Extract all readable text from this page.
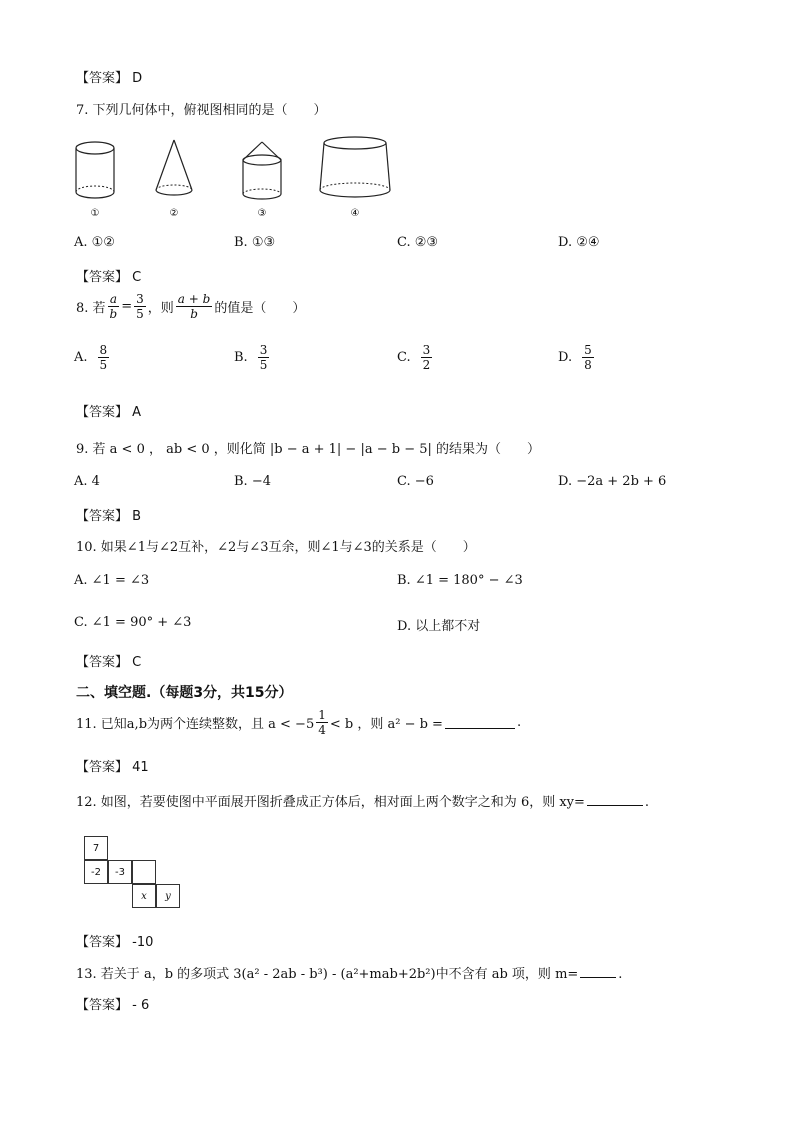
【答案】 D
7. 下列几何体中，俯视图相同的是（　　）
①	②	③	④
A. ①②	B. ①③	C. ②③	D. ②④
【答案】 C
8. 若 $\frac{a}{b} = \frac{3}{5}$ ，则 $\frac{a + b}{b}$ 的值是（　　）
A. $\frac{8}{5}$	B. $\frac{3}{5}$	C. $\frac{3}{2}$	D. $\frac{5}{8}$
【答案】 A
9. 若 a < 0 ， ab < 0 ，则化简 |b − a + 1| − |a − b − 5| 的结果为（　　）
A. 4	B. −4	C. −6	D. −2a + 2b + 6
【答案】 B
10. 如果∠1与∠2互补，∠2与∠3互余，则∠1与∠3的关系是（　　）
A. ∠1 = ∠3	B. ∠1 = 180° − ∠3
C. ∠1 = 90° + ∠3	D. 以上都不对
【答案】 C
二、填空题.（每题3分，共15分）
11. 已知a,b为两个连续整数，且 $a < -5 \frac{1}{4} < b$ ，则 a² − b =	.
【答案】 41
12. 如图，若要使图中平面展开图折叠成正方体后，相对面上两个数字之和为 6，则 xy=	.
7
-2	-3
x	y
【答案】 -10
13. 若关于 a，b 的多项式 3(a² - 2ab - b³) - (a²+mab+2b²)中不含有 ab 项，则 m=	.
【答案】 - 6
